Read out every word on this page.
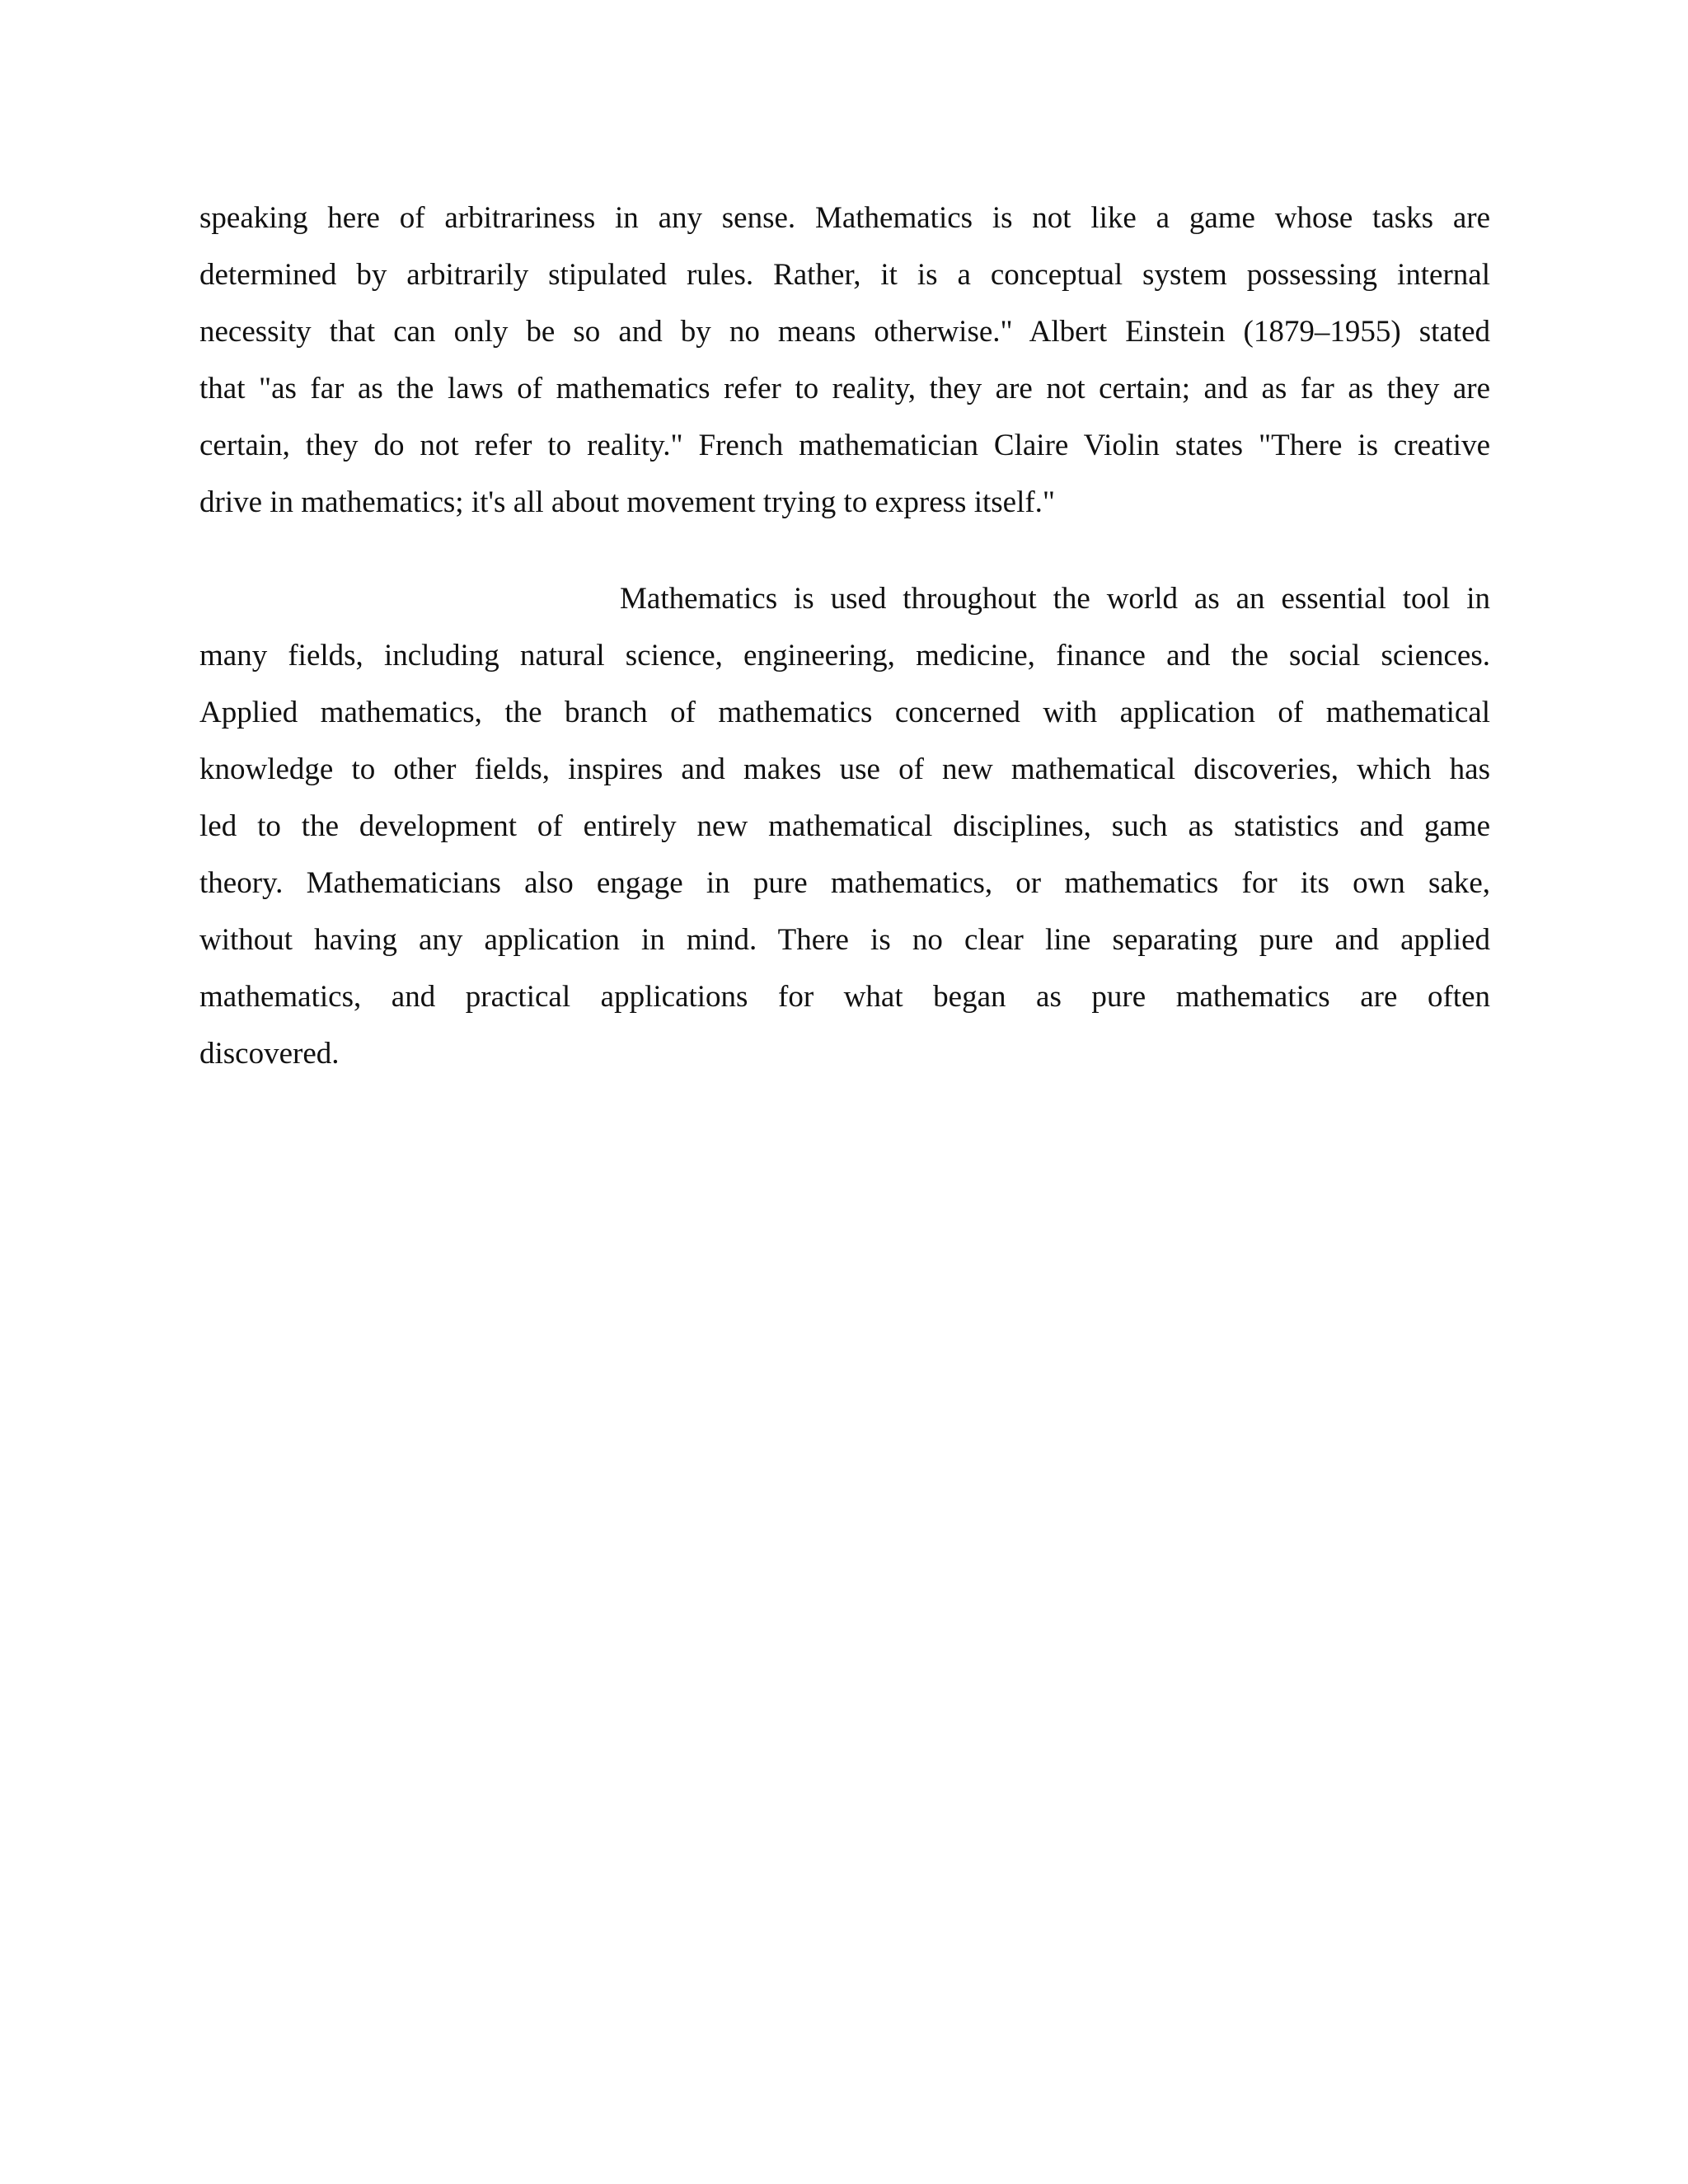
speaking here of arbitrariness in any sense. Mathematics is not like a game whose tasks are
determined by arbitrarily stipulated rules. Rather, it is a conceptual system possessing internal
necessity that can only be so and by no means otherwise." Albert Einstein (1879–1955) stated
that "as far as the laws of mathematics refer to reality, they are not certain; and as far as they are
certain, they do not refer to reality." French mathematician Claire Violin states "There is creative
drive in mathematics; it's all about movement trying to express itself."
Mathematics is used throughout the world as an essential tool in
many fields, including natural science, engineering, medicine, finance and the social sciences.
Applied mathematics, the branch of mathematics concerned with application of mathematical
knowledge to other fields, inspires and makes use of new mathematical discoveries, which has
led to the development of entirely new mathematical disciplines, such as statistics and game
theory. Mathematicians also engage in pure mathematics, or mathematics for its own sake,
without having any application in mind. There is no clear line separating pure and applied
mathematics, and practical applications for what began as pure mathematics are often
discovered.
